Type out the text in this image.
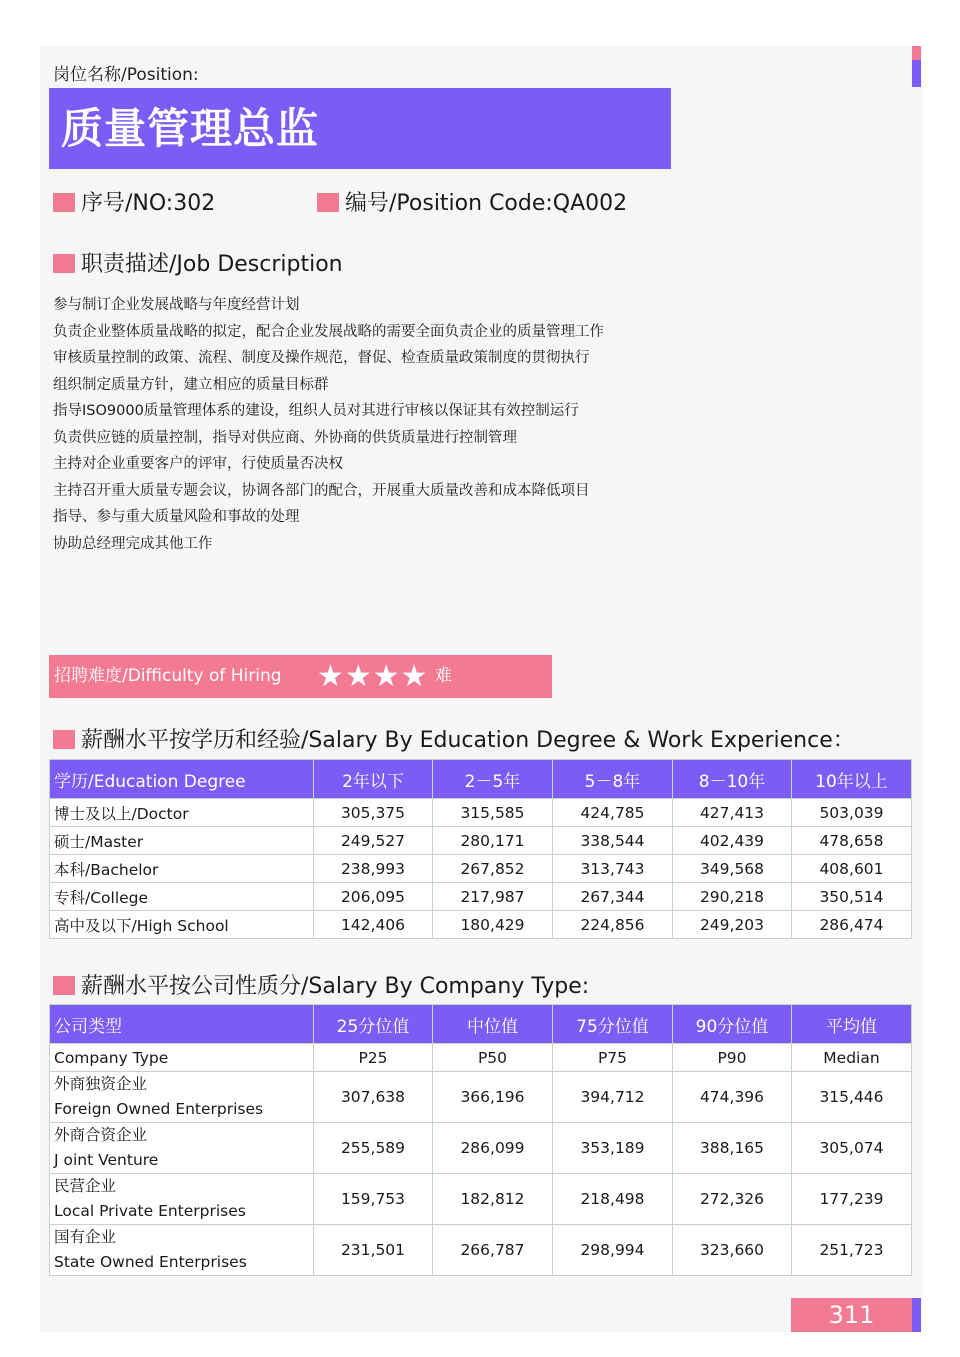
岗位名称/Position:
质量管理总监
序号/NO:302	编号/Position Code:QA002
职责描述/Job Description
参与制订企业发展战略与年度经营计划
负责企业整体质量战略的拟定，配合企业发展战略的需要全面负责企业的质量管理工作
审核质量控制的政策、流程、制度及操作规范，督促、检查质量政策制度的贯彻执行
组织制定质量方针，建立相应的质量目标群
指导ISO9000质量管理体系的建设，组织人员对其进行审核以保证其有效控制运行
负责供应链的质量控制，指导对供应商、外协商的供货质量进行控制管理
主持对企业重要客户的评审，行使质量否决权
主持召开重大质量专题会议，协调各部门的配合，开展重大质量改善和成本降低项目
指导、参与重大质量风险和事故的处理
协助总经理完成其他工作
招聘难度/Difficulty of Hiring ★★★★ 难
薪酬水平按学历和经验/Salary By Education Degree & Work Experience：
学历/Education Degree	2年以下	2－5年	5－8年	8－10年	10年以上
博士及以上/Doctor	305,375	315,585	424,785	427,413	503,039
硕士/Master	249,527	280,171	338,544	402,439	478,658
本科/Bachelor	238,993	267,852	313,743	349,568	408,601
专科/College	206,095	217,987	267,344	290,218	350,514
高中及以下/High School	142,406	180,429	224,856	249,203	286,474
薪酬水平按公司性质分/Salary By Company Type:
公司类型	25分位值	中位值	75分位值	90分位值	平均值
Company Type	P25	P50	P75	P90	Median

外商独资企业
Foreign Owned Enterprises	307,638	366,196	394,712	474,396	315,446

外商合资企业
J oint Venture	255,589	286,099	353,189	388,165	305,074

民营企业
Local Private Enterprises	159,753	182,812	218,498	272,326	177,239

国有企业
State Owned Enterprises	231,501	266,787	298,994	323,660	251,723
311
